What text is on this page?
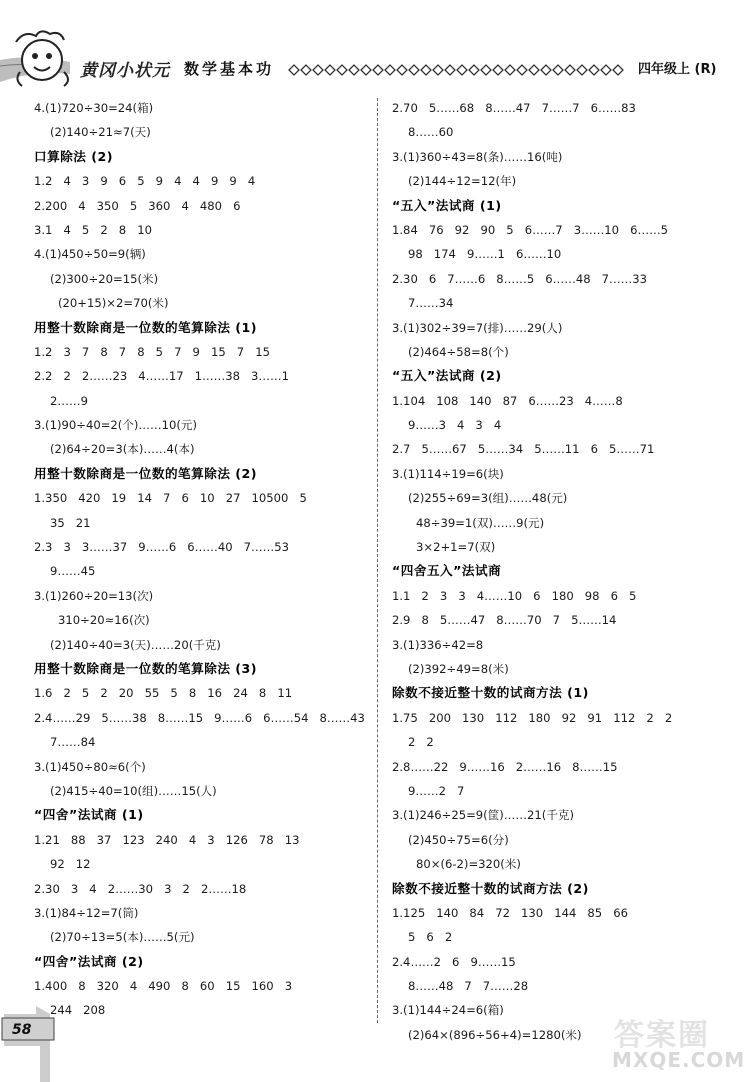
黄冈小状元 数学基本功	四年级上 (R)
4.(1)720÷30=24(箱)
(2)140÷21≈7(天)
口算除法 (2)
1.2   4   3   9   6   5   9   4   4   9   9   4
2.200   4   350   5   360   4   480   6
3.1   4   5   2   8   10
4.(1)450÷50=9(辆)
(2)300÷20=15(米)
(20+15)×2=70(米)
用整十数除商是一位数的笔算除法 (1)
1.2   3   7   8   7   8   5   7   9   15   7   15
2.2   2   2……23   4……17   1……38   3……1
2……9
3.(1)90÷40=2(个)……10(元)
(2)64÷20=3(本)……4(本)
用整十数除商是一位数的笔算除法 (2)
1.350   420   19   14   7   6   10   27   10500   5
35   21
2.3   3   3……37   9……6   6……40   7……53
9……45
3.(1)260÷20=13(次)
310÷20≈16(次)
(2)140÷40=3(天)……20(千克)
用整十数除商是一位数的笔算除法 (3)
1.6   2   5   2   20   55   5   8   16   24   8   11
2.4……29   5……38   8……15   9……6   6……54   8……43
7……84
3.(1)450÷80≈6(个)
(2)415÷40=10(组)……15(人)
“四舍”法试商 (1)
1.21   88   37   123   240   4   3   126   78   13
92   12
2.30   3   4   2……30   3   2   2……18
3.(1)84÷12=7(筒)
(2)70÷13=5(本)……5(元)
“四舍”法试商 (2)
1.400   8   320   4   490   8   60   15   160   3
244   208
2.70   5……68   8……47   7……7   6……83
8……60
3.(1)360÷43=8(条)……16(吨)
(2)144÷12=12(年)
“五入”法试商 (1)
1.84   76   92   90   5   6……7   3……10   6……5
98   174   9……1   6……10
2.30   6   7……6   8……5   6……48   7……33
7……34
3.(1)302÷39=7(排)……29(人)
(2)464÷58=8(个)
“五入”法试商 (2)
1.104   108   140   87   6……23   4……8
9……3   4   3   4
2.7   5……67   5……34   5……11   6   5……71
3.(1)114÷19=6(块)
(2)255÷69=3(组)……48(元)
48÷39=1(双)……9(元)
3×2+1=7(双)
“四舍五入”法试商
1.1   2   3   3   4……10   6   180   98   6   5
2.9   8   5……47   8……70   7   5……14
3.(1)336÷42=8
(2)392÷49=8(米)
除数不接近整十数的试商方法 (1)
1.75   200   130   112   180   92   91   112   2   2
2   2
2.8……22   9……16   2……16   8……15
9……2   7
3.(1)246÷25=9(筐)……21(千克)
(2)450÷75=6(分)
80×(6-2)=320(米)
除数不接近整十数的试商方法 (2)
1.125   140   84   72   130   144   85   66
5   6   2
2.4……2   6   9……15
8……48   7   7……28
3.(1)144÷24=6(箱)
(2)64×(896÷56+4)=1280(米)
58	答案圈
MXQE.COM
